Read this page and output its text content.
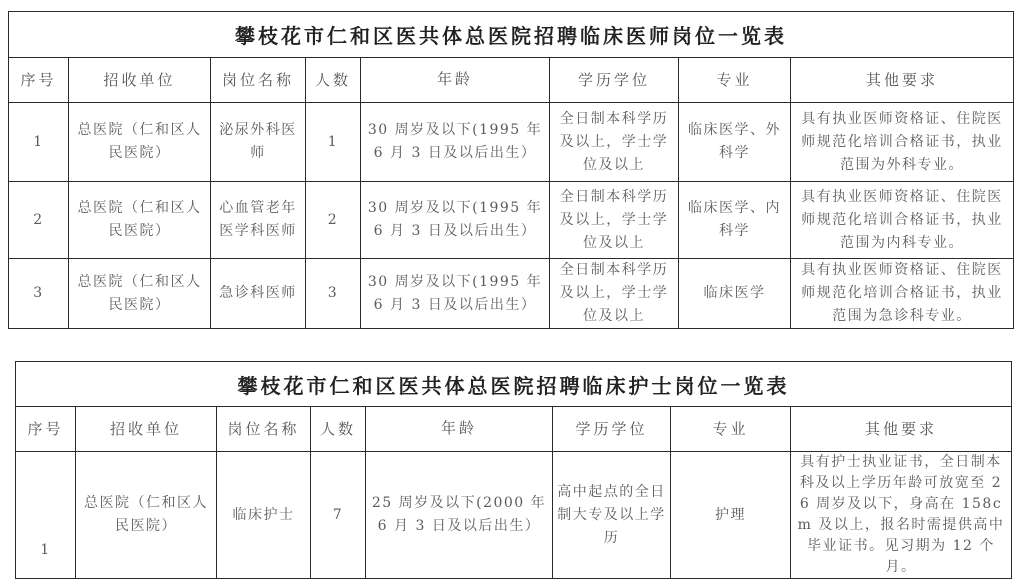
攀枝花市仁和区医共体总医院招聘临床医师岗位一览表							
序号	招收单位	岗位名称	人数	年龄	学历学位	专业	其他要求
1	总医院（仁和区人民医院）	泌尿外科医师	1	30 周岁及以下(1995 年 6 月 3 日及以后出生）	全日制本科学历及以上，学士学位及以上	临床医学、外科学	具有执业医师资格证、住院医师规范化培训合格证书，执业范围为外科专业。
2	总医院（仁和区人民医院）	心血管老年医学科医师	2	30 周岁及以下(1995 年 6 月 3 日及以后出生）	全日制本科学历及以上，学士学位及以上	临床医学、内科学	具有执业医师资格证、住院医师规范化培训合格证书，执业范围为内科专业。
3	总医院（仁和区人民医院）	急诊科医师	3	30 周岁及以下(1995 年 6 月 3 日及以后出生）	全日制本科学历及以上，学士学位及以上	临床医学	具有执业医师资格证、住院医师规范化培训合格证书，执业范围为急诊科专业。
攀枝花市仁和区医共体总医院招聘临床护士岗位一览表							
序号	招收单位	岗位名称	人数	年龄	学历学位	专业	其他要求
1	总医院（仁和区人民医院）	临床护士	7	25 周岁及以下(2000 年 6 月 3 日及以后出生）	高中起点的全日制大专及以上学历	护理	具有护士执业证书，全日制本科及以上学历年龄可放宽至 26 周岁及以下，身高在 158cm 及以上，报名时需提供高中毕业证书。见习期为 12 个月。
